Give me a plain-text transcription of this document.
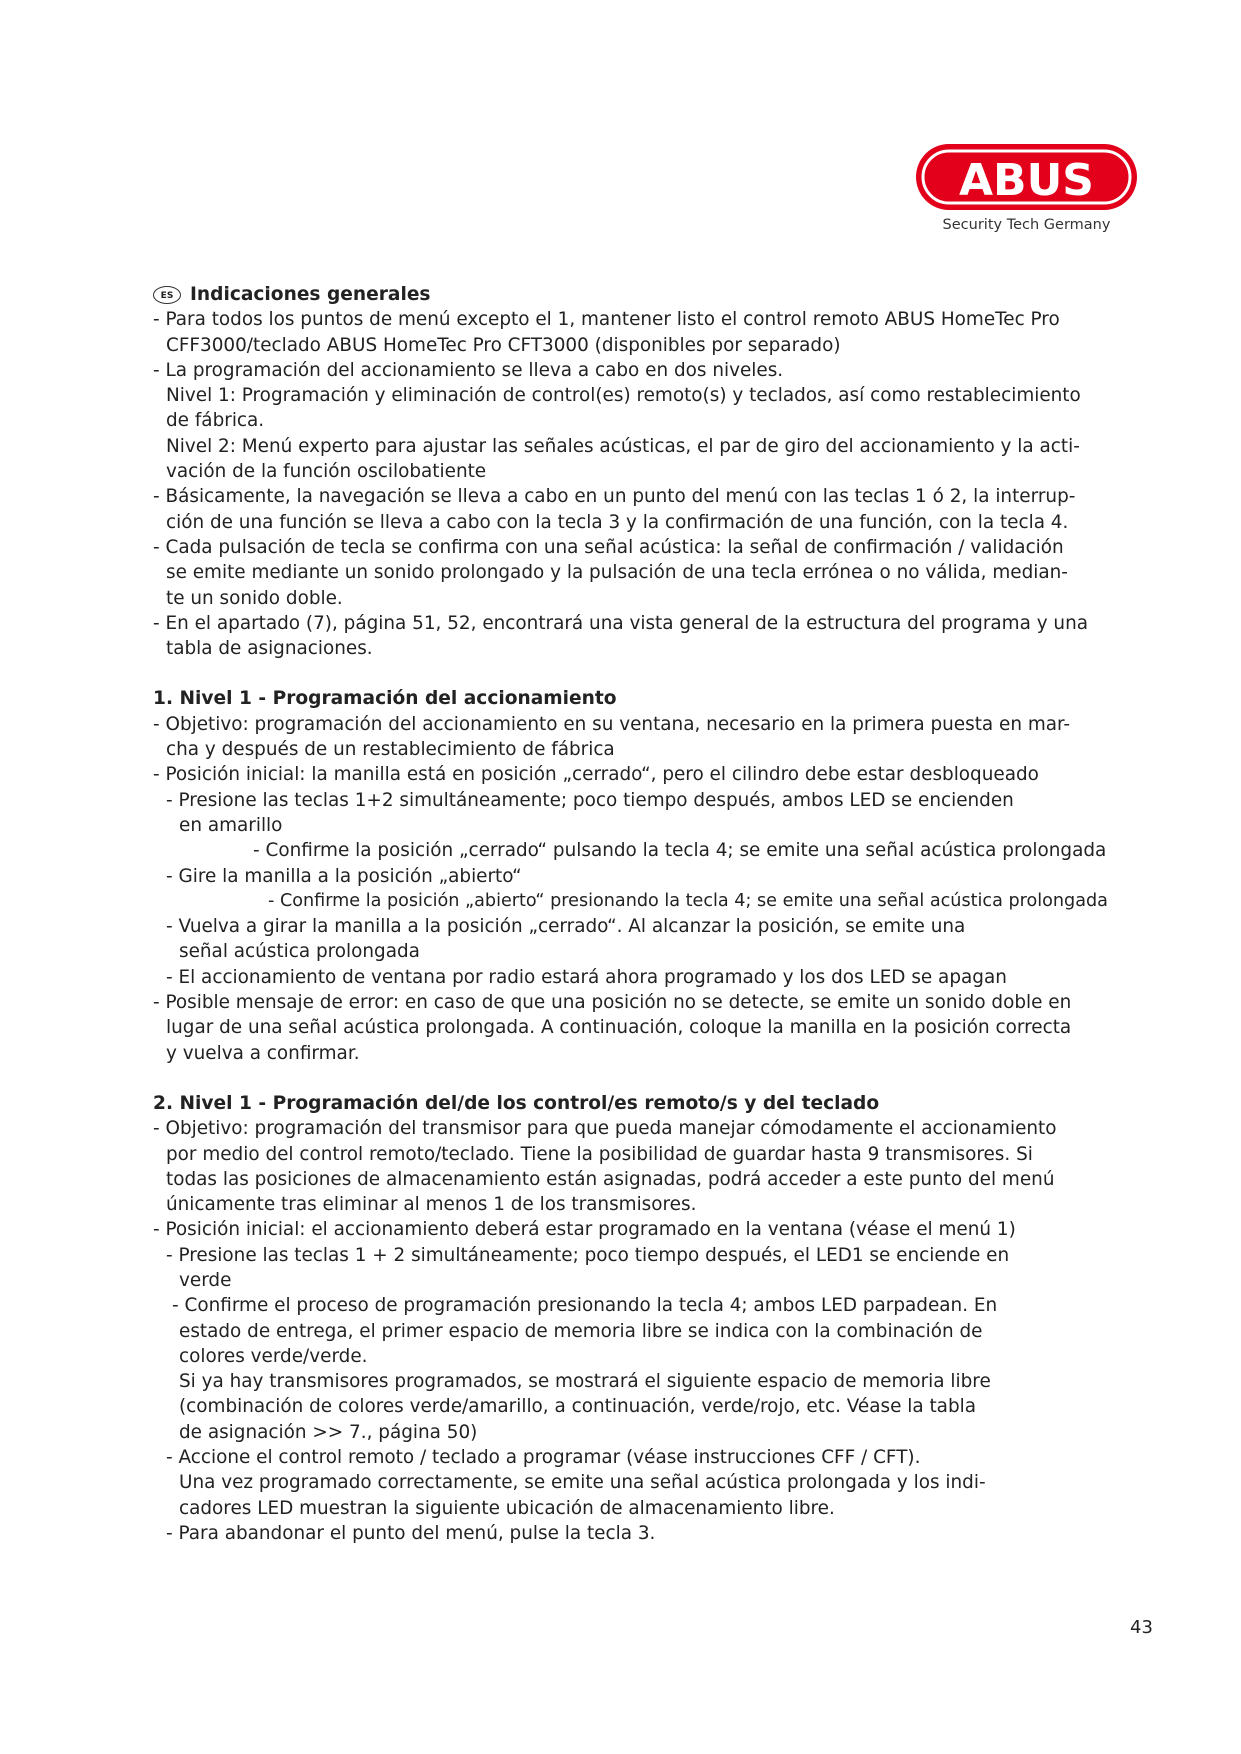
ABUS
Security Tech Germany
ES Indicaciones generales
- Para todos los puntos de menú excepto el 1, mantener listo el control remoto ABUS HomeTec Pro
CFF3000/teclado ABUS HomeTec Pro CFT3000 (disponibles por separado)
- La programación del accionamiento se lleva a cabo en dos niveles.
Nivel 1: Programación y eliminación de control(es) remoto(s) y teclados, así como restablecimiento
de fábrica.
Nivel 2: Menú experto para ajustar las señales acústicas, el par de giro del accionamiento y la acti-
vación de la función oscilobatiente
- Básicamente, la navegación se lleva a cabo en un punto del menú con las teclas 1 ó 2, la interrup-
ción de una función se lleva a cabo con la tecla 3 y la confirmación de una función, con la tecla 4.
- Cada pulsación de tecla se confirma con una señal acústica: la señal de confirmación / validación
se emite mediante un sonido prolongado y la pulsación de una tecla errónea o no válida, median-
te un sonido doble.
- En el apartado (7), página 51, 52, encontrará una vista general de la estructura del programa y una
tabla de asignaciones.
1. Nivel 1 - Programación del accionamiento
- Objetivo: programación del accionamiento en su ventana, necesario en la primera puesta en mar-
cha y después de un restablecimiento de fábrica
- Posición inicial: la manilla está en posición „cerrado“, pero el cilindro debe estar desbloqueado
- Presione las teclas 1+2 simultáneamente; poco tiempo después, ambos LED se encienden
en amarillo
- Confirme la posición „cerrado“ pulsando la tecla 4; se emite una señal acústica prolongada
- Gire la manilla a la posición „abierto“
- Confirme la posición „abierto“ presionando la tecla 4; se emite una señal acústica prolongada
- Vuelva a girar la manilla a la posición „cerrado“. Al alcanzar la posición, se emite una
señal acústica prolongada
- El accionamiento de ventana por radio estará ahora programado y los dos LED se apagan
- Posible mensaje de error: en caso de que una posición no se detecte, se emite un sonido doble en
lugar de una señal acústica prolongada. A continuación, coloque la manilla en la posición correcta
y vuelva a confirmar.
2. Nivel 1 - Programación del/de los control/es remoto/s y del teclado
- Objetivo: programación del transmisor para que pueda manejar cómodamente el accionamiento
por medio del control remoto/teclado. Tiene la posibilidad de guardar hasta 9 transmisores. Si
todas las posiciones de almacenamiento están asignadas, podrá acceder a este punto del menú
únicamente tras eliminar al menos 1 de los transmisores.
- Posición inicial: el accionamiento deberá estar programado en la ventana (véase el menú 1)
- Presione las teclas 1 + 2 simultáneamente; poco tiempo después, el LED1 se enciende en
verde
- Confirme el proceso de programación presionando la tecla 4; ambos LED parpadean. En
estado de entrega, el primer espacio de memoria libre se indica con la combinación de
colores verde/verde.
Si ya hay transmisores programados, se mostrará el siguiente espacio de memoria libre
(combinación de colores verde/amarillo, a continuación, verde/rojo, etc. Véase la tabla
de asignación >> 7., página 50)
- Accione el control remoto / teclado a programar (véase instrucciones CFF / CFT).
Una vez programado correctamente, se emite una señal acústica prolongada y los indi-
cadores LED muestran la siguiente ubicación de almacenamiento libre.
- Para abandonar el punto del menú, pulse la tecla 3.
43
